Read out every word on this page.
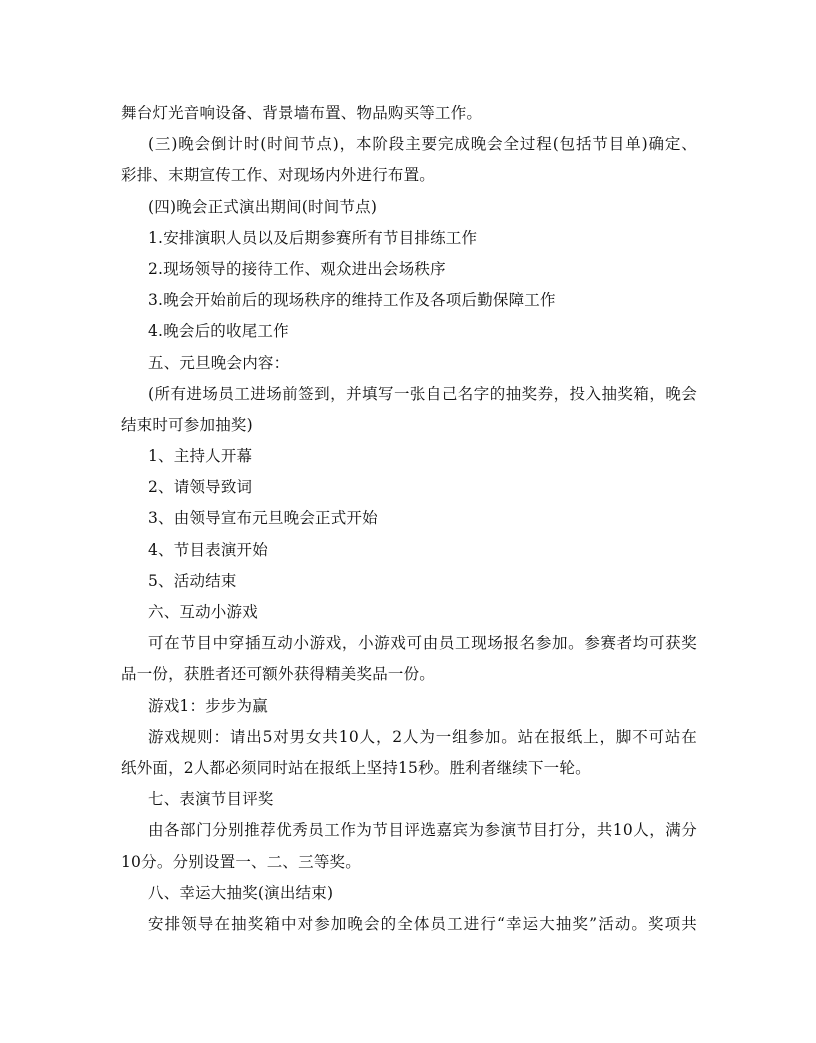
舞台灯光音响设备、背景墙布置、物品购买等工作。
(三)晚会倒计时(时间节点)，本阶段主要完成晚会全过程(包括节目单)确定、
彩排、末期宣传工作、对现场内外进行布置。
(四)晚会正式演出期间(时间节点)
1.安排演职人员以及后期参赛所有节目排练工作
2.现场领导的接待工作、观众进出会场秩序
3.晚会开始前后的现场秩序的维持工作及各项后勤保障工作
4.晚会后的收尾工作
五、元旦晚会内容：
(所有进场员工进场前签到，并填写一张自己名字的抽奖券，投入抽奖箱，晚会
结束时可参加抽奖)
1、主持人开幕
2、请领导致词
3、由领导宣布元旦晚会正式开始
4、节目表演开始
5、活动结束
六、互动小游戏
可在节目中穿插互动小游戏，小游戏可由员工现场报名参加。参赛者均可获奖
品一份，获胜者还可额外获得精美奖品一份。
游戏1：步步为赢
游戏规则：请出5对男女共10人，2人为一组参加。站在报纸上，脚不可站在
纸外面，2人都必须同时站在报纸上坚持15秒。胜利者继续下一轮。
七、表演节目评奖
由各部门分别推荐优秀员工作为节目评选嘉宾为参演节目打分，共10人，满分
10分。分别设置一、二、三等奖。
八、幸运大抽奖(演出结束)
安排领导在抽奖箱中对参加晚会的全体员工进行“幸运大抽奖”活动。奖项共
